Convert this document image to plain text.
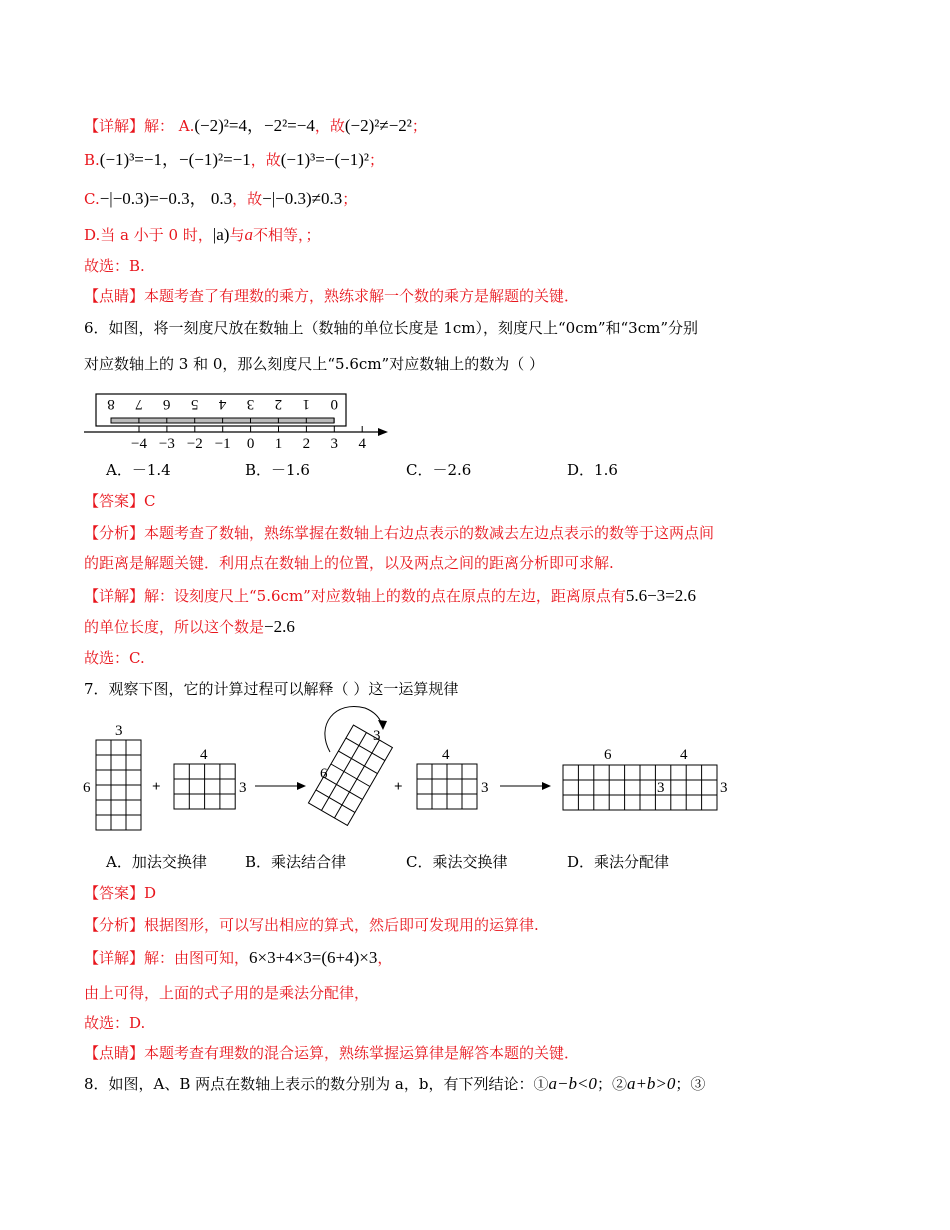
【详解】解： A.(−2)²=4，−2²=−4，故(−2)²≠−2²；
B.(−1)³=−1，−(−1)²=−1，故(−1)³=−(−1)²；
C.−|−0.3)=−0.3， 0.3，故−|−0.3)≠0.3；
D.当 a 小于 0 时，|a)与a不相等，；
故选：B.
【点睛】本题考查了有理数的乘方，熟练求解一个数的乘方是解题的关键．
6．如图，将一刻度尺放在数轴上（数轴的单位长度是 1cm），刻度尺上“0cm”和“3cm”分别
对应数轴上的 3 和 0，那么刻度尺上“5.6cm”对应数轴上的数为（ ）
8 7 6 5 4 3 2 1 0
−4 −3 −2 −1 0 1 2 3 4
+	+
3
6
4
3
3
6
4
3
6	4
3	3
A．－1.4	B．－1.6	C．－2.6	D．1.6
【答案】C
【分析】本题考查了数轴，熟练掌握在数轴上右边点表示的数减去左边点表示的数等于这两点间
的距离是解题关键．利用点在数轴上的位置，以及两点之间的距离分析即可求解.
【详解】解：设刻度尺上“5.6cm”对应数轴上的数的点在原点的左边，距离原点有5.6−3=2.6
的单位长度，所以这个数是−2.6
故选：C.
7．观察下图，它的计算过程可以解释（ ）这一运算规律
A．加法交换律	B．乘法结合律	C．乘法交换律	D．乘法分配律
【答案】D
【分析】根据图形，可以写出相应的算式，然后即可发现用的运算律.
【详解】解：由图可知，6×3+4×3=(6+4)×3，
由上可得，上面的式子用的是乘法分配律，
故选：D.
【点睛】本题考查有理数的混合运算，熟练掌握运算律是解答本题的关键．
8．如图，A、B 两点在数轴上表示的数分别为 a，b，有下列结论：①a−b<0；②a+b>0；③
